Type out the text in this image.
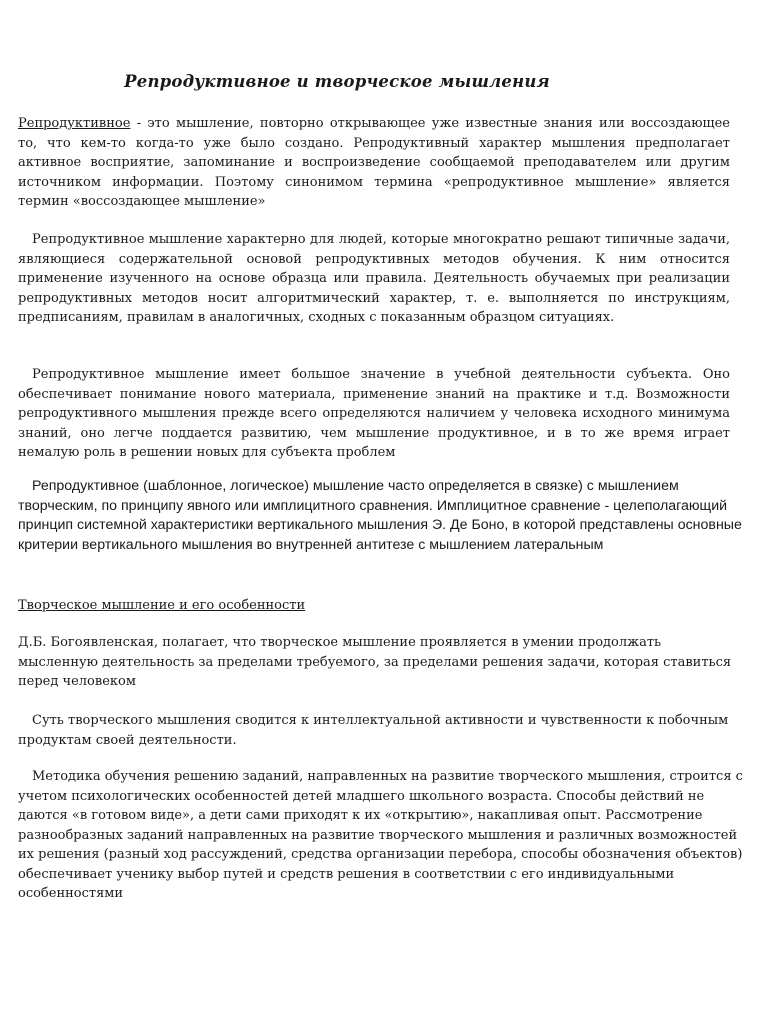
Репродуктивное и творческое мышления

Репродуктивное - это мышление, повторно открывающее уже известные знания или воссоздающее то, что кем-то когда-то уже было создано. Репродуктивный характер мышления предполагает активное восприятие, запоминание и воспроизведение сообщаемой преподавателем или другим источником информации. Поэтому синонимом термина «репродуктивное мышление» является термин «воссоздающее мышление»

Репродуктивное мышление характерно для людей, которые многократно решают типичные задачи, являющиеся содержательной основой репродуктивных методов обучения. К ним относится применение изученного на основе образца или правила. Деятельность обучаемых при реализации репродуктивных методов носит алгоритмический характер, т. е. выполняется по инструкциям, предписаниям, правилам в аналогичных, сходных с показанным образцом ситуациях.

Репродуктивное мышление имеет большое значение в учебной деятельности субъекта. Оно обеспечивает понимание нового материала, применение знаний на практике и т.д. Возможности репродуктивного мышления прежде всего определяются наличием у человека исходного минимума знаний, оно легче поддается развитию, чем мышление продуктивное, и в то же время играет немалую роль в решении новых для субъекта проблем

Репродуктивное (шаблонное, логическое) мышление часто определяется в связке) с мышлением творческим, по принципу явного или имплицитного сравнения. Имплицитное сравнение - целеполагающий принцип системной характеристики вертикального мышления Э. Де Боно, в которой представлены основные критерии вертикального мышления во внутренней антитезе с мышлением латеральным

Творческое мышление и его особенности

Д.Б. Богоявленская, полагает, что творческое мышление проявляется в умении продолжать мысленную деятельность за пределами требуемого, за пределами решения задачи, которая ставиться перед человеком

Суть творческого мышления сводится к интеллектуальной активности и чувственности к побочным продуктам своей деятельности.

Методика обучения решению заданий, направленных на развитие творческого мышления, строится с учетом психологических особенностей детей младшего школьного возраста. Способы действий не даются «в готовом виде», а дети сами приходят к их «открытию», накапливая опыт. Рассмотрение разнообразных заданий направленных на развитие творческого мышления и различных возможностей их решения (разный ход рассуждений, средства организации перебора, способы обозначения объектов) обеспечивает ученику выбор путей и средств решения в соответствии с его индивидуальными особенностями
